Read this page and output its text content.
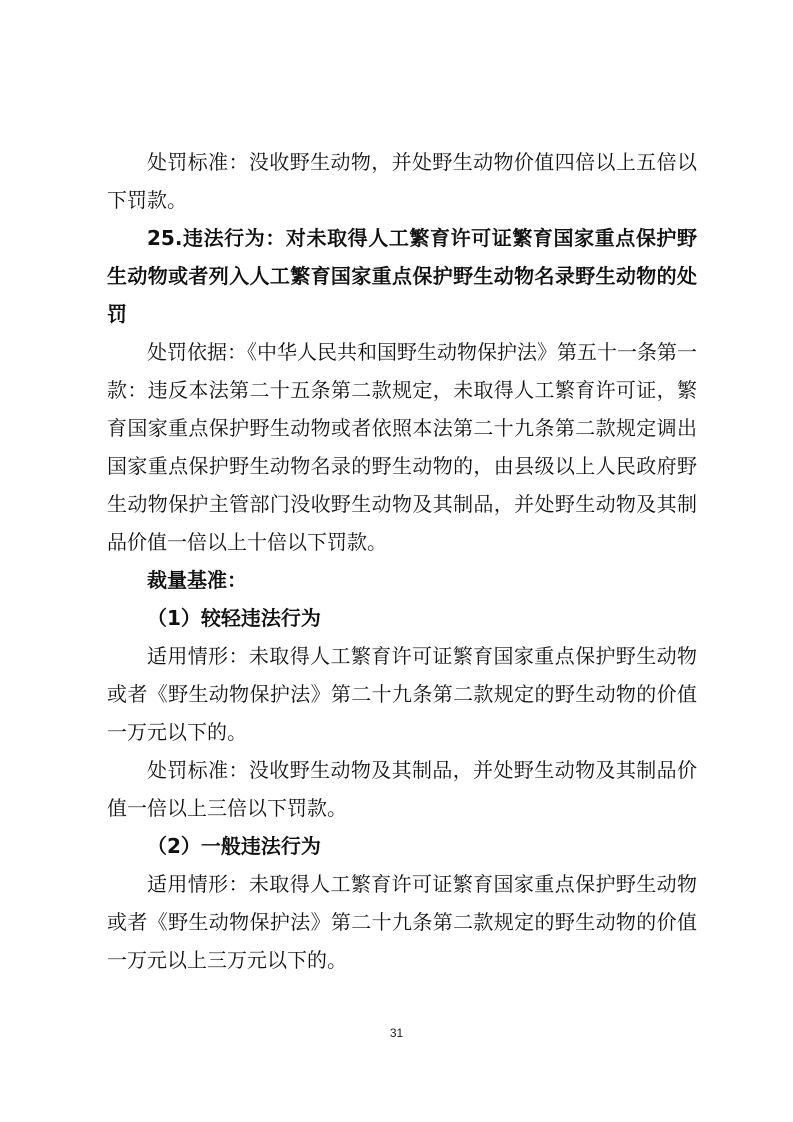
处罚标准：没收野生动物，并处野生动物价值四倍以上五倍以下罚款。

25.违法行为：对未取得人工繁育许可证繁育国家重点保护野生动物或者列入人工繁育国家重点保护野生动物名录野生动物的处罚

处罚依据：《中华人民共和国野生动物保护法》第五十一条第一款：违反本法第二十五条第二款规定，未取得人工繁育许可证，繁育国家重点保护野生动物或者依照本法第二十九条第二款规定调出国家重点保护野生动物名录的野生动物的，由县级以上人民政府野生动物保护主管部门没收野生动物及其制品，并处野生动物及其制品价值一倍以上十倍以下罚款。

裁量基准：

（1）较轻违法行为

适用情形：未取得人工繁育许可证繁育国家重点保护野生动物或者《野生动物保护法》第二十九条第二款规定的野生动物的价值一万元以下的。

处罚标准：没收野生动物及其制品，并处野生动物及其制品价值一倍以上三倍以下罚款。

（2）一般违法行为

适用情形：未取得人工繁育许可证繁育国家重点保护野生动物或者《野生动物保护法》第二十九条第二款规定的野生动物的价值一万元以上三万元以下的。

31
